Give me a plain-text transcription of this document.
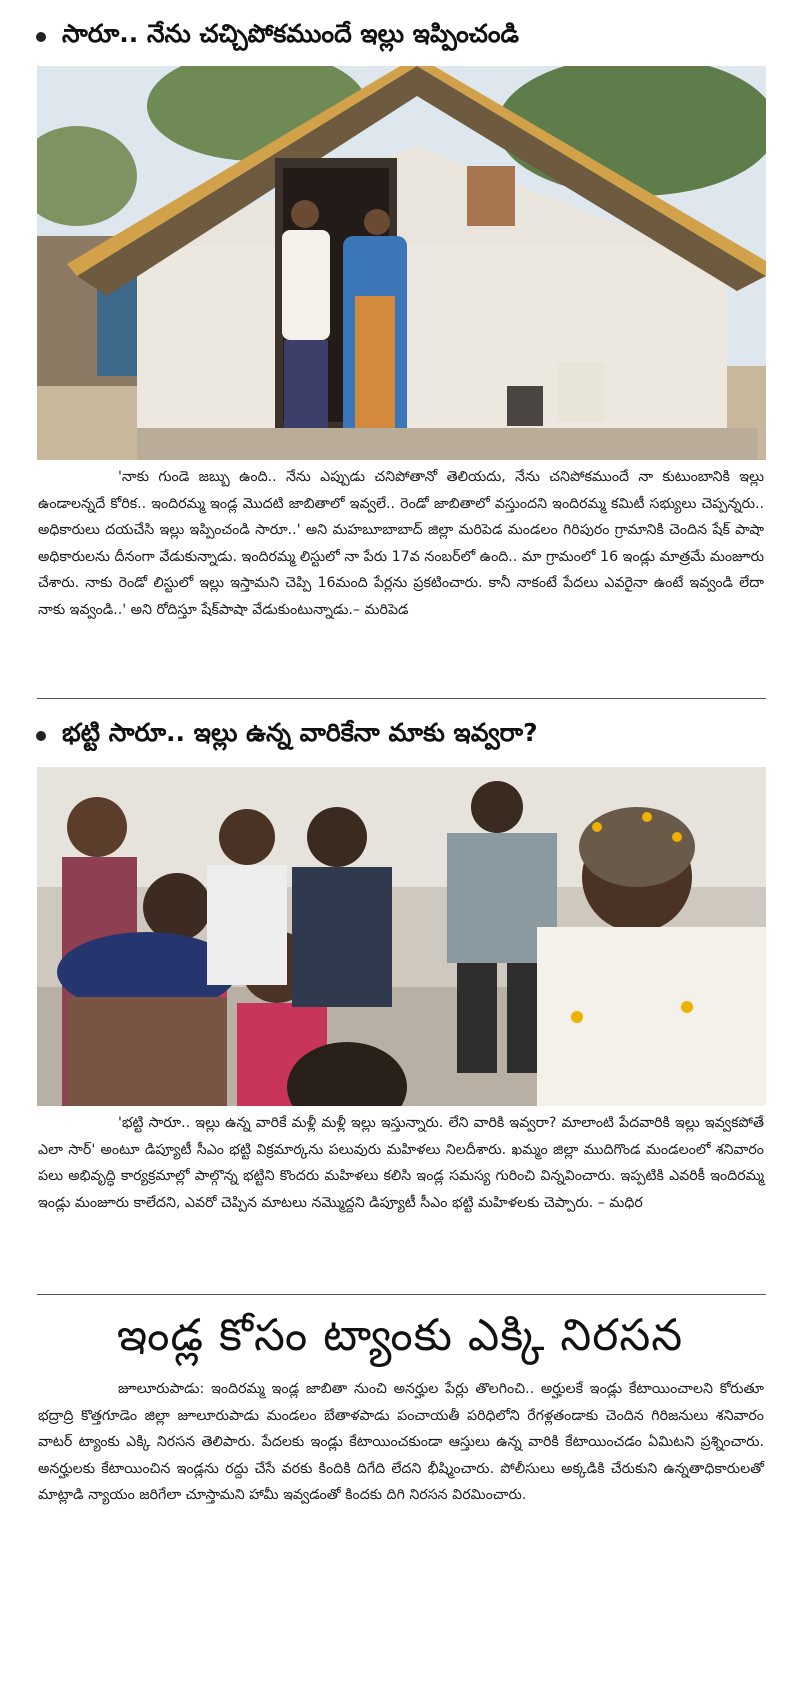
సారూ.. నేను చచ్చిపోకముందే ఇల్లు ఇప్పించండి
'నాకు గుండె జబ్బు ఉంది.. నేను ఎప్పుడు చనిపోతానో తెలియదు, నేను చనిపోకముందే నా కుటుంబానికి ఇల్లు ఉండాలన్నదే కోరిక.. ఇందిరమ్మ ఇండ్ల మొదటి జాబితాలో ఇవ్వలే.. రెండో జాబితాలో వస్తుందని ఇందిరమ్మ కమిటీ సభ్యులు చెప్పన్నరు.. అధికారులు దయచేసి ఇల్లు ఇప్పించండి సారూ..' అని మహబూబాబాద్ జిల్లా మరిపెడ మండలం గిరిపురం గ్రామానికి చెందిన షేక్ పాషా అధికారులను దీనంగా వేడుకున్నాడు. ఇందిరమ్మ లిస్టులో నా పేరు 17వ నంబర్‌లో ఉంది.. మా గ్రామంలో 16 ఇండ్లు మాత్రమే మంజూరు చేశారు. నాకు రెండో లిస్టులో ఇల్లు ఇస్తామని చెప్పి 16మంది పేర్లను ప్రకటించారు. కానీ నాకంటే పేదలు ఎవరైనా ఉంటే ఇవ్వండి లేదా నాకు ఇవ్వండి..' అని రోదిస్తూ షేక్‌పాషా వేడుకుంటున్నాడు.– మరిపెడ
భట్టి సారూ.. ఇల్లు ఉన్న వారికేనా మాకు ఇవ్వరా?
'భట్టి సారూ.. ఇల్లు ఉన్న వారికే మళ్లీ మళ్లీ ఇల్లు ఇస్తున్నారు. లేని వారికి ఇవ్వరా? మాలాంటి పేదవారికి ఇల్లు ఇవ్వకపోతే ఎలా సార్' అంటూ డిప్యూటీ సీఎం భట్టి విక్రమార్కను పలువురు మహిళలు నిలదీశారు. ఖమ్మం జిల్లా ముదిగొండ మండలంలో శనివారం పలు అభివృద్ధి కార్యక్రమాల్లో పాల్గొన్న భట్టిని కొందరు మహిళలు కలిసి ఇండ్ల సమస్య గురించి విన్నవించారు. ఇప్పటికి ఎవరికీ ఇందిరమ్మ ఇండ్లు మంజూరు కాలేదని, ఎవరో చెప్పిన మాటలు నమ్మొద్దని డిప్యూటీ సీఎం భట్టి మహిళలకు చెప్పారు. – మధిర
ఇండ్ల కోసం ట్యాంకు ఎక్కి నిరసన
జూలూరుపాడు: ఇందిరమ్మ ఇండ్ల జాబితా నుంచి అనర్హుల పేర్లు తొలగించి.. అర్హులకే ఇండ్లు కేటాయించాలని కోరుతూ భద్రాద్రి కొత్తగూడెం జిల్లా జూలూరుపాడు మండలం బేతాళపాడు పంచాయతీ పరిధిలోని రేగళ్లతండాకు చెందిన గిరిజనులు శనివారం వాటర్ ట్యాంకు ఎక్కి నిరసన తెలిపారు. పేదలకు ఇండ్లు కేటాయించకుండా ఆస్తులు ఉన్న వారికి కేటాయించడం ఏమిటని ప్రశ్నించారు. అనర్హులకు కేటాయించిన ఇండ్లను రద్దు చేసే వరకు కిందికి దిగేది లేదని భీష్మించారు. పోలీసులు అక్కడికి చేరుకుని ఉన్నతాధికారులతో మాట్లాడి న్యాయం జరిగేలా చూస్తామని హామీ ఇవ్వడంతో కిందకు దిగి నిరసన విరమించారు.
